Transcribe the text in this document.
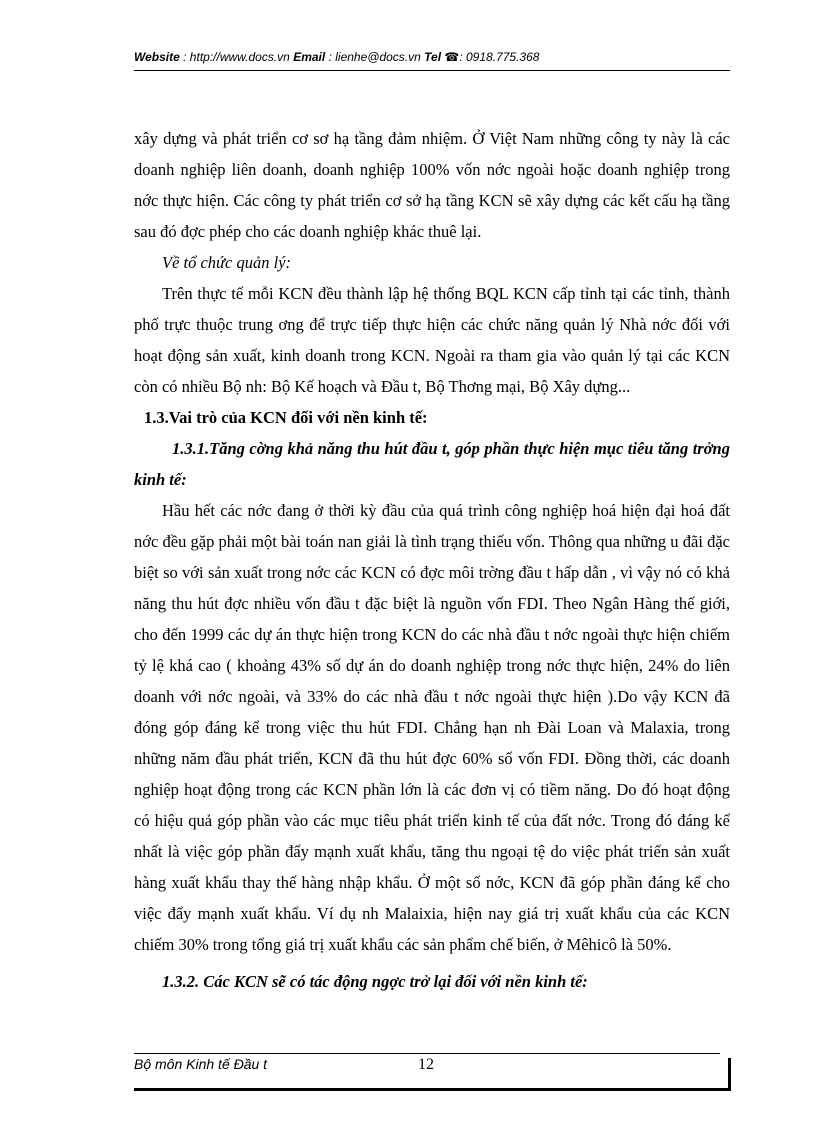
Website : http://www.docs.vn Email : lienhe@docs.vn Tel ☎: 0918.775.368

xây dựng và phát triển cơ sơ hạ tầng đảm nhiệm. Ở Việt Nam những công ty này là các doanh nghiệp liên doanh, doanh nghiệp 100% vốn nớc ngoài hoặc doanh nghiệp trong nớc thực hiện. Các công ty phát triển cơ sở hạ tầng KCN sẽ xây dựng các kết cấu hạ tầng sau đó đợc phép cho các doanh nghiệp khác thuê lại.

Về tổ chức quản lý:

Trên thực tế mỗi KCN đều thành lập hệ thống BQL KCN cấp tỉnh tại các tỉnh, thành phố trực thuộc trung ơng để trực tiếp thực hiện các chức năng quản lý Nhà nớc đối với hoạt động sản xuất, kinh doanh trong KCN. Ngoài ra tham gia vào quản lý tại các KCN còn có nhiều Bộ nh: Bộ Kế hoạch và Đầu t, Bộ Thơng mại, Bộ Xây dựng...

1.3.Vai trò của KCN đối với nền kinh tế:

1.3.1.Tăng cờng khả năng thu hút đầu t, góp phần thực hiện mục tiêu tăng trởng kinh tế:

Hầu hết các nớc đang ở thời kỳ đầu của quá trình công nghiệp hoá hiện đại hoá đất nớc đều gặp phải một bài toán nan giải là tình trạng thiếu vốn. Thông qua những u đãi đặc biệt so với sản xuất trong nớc các KCN có đợc môi trờng đầu t hấp dẫn , vì vậy nó có khả năng thu hút đợc nhiều vốn đầu t đặc biệt là nguồn vốn FDI. Theo Ngân Hàng thế giới, cho đến 1999 các dự án thực hiện trong KCN do các nhà đầu t nớc ngoài thực hiện chiếm tỷ lệ khá cao ( khoảng 43% số dự án do doanh nghiệp trong nớc thực hiện, 24% do liên doanh với nớc ngoài, và 33% do các nhà đầu t nớc ngoài thực hiện ).Do vậy KCN đã đóng góp đáng kể trong việc thu hút FDI. Chẳng hạn nh Đài Loan và Malaxia, trong những năm đầu phát triển, KCN đã thu hút đợc 60% số vốn FDI. Đồng thời, các doanh nghiệp hoạt động trong các KCN phần lớn là các đơn vị có tiềm năng. Do đó hoạt động có hiệu quả góp phần vào các mục tiêu phát triển kinh tế của đất nớc. Trong đó đáng kể nhất là việc góp phần đẩy mạnh xuất khẩu, tăng thu ngoại tệ do việc phát triển sản xuất hàng xuất khẩu thay thế hàng nhập khẩu. Ở một số nớc, KCN đã góp phần đáng kể cho việc đẩy mạnh xuất khẩu. Ví dụ nh Malaixia, hiện nay giá trị xuất khẩu của các KCN chiếm 30% trong tổng giá trị xuất khẩu các sản phẩm chế biến, ở Mêhicô là 50%.

1.3.2. Các KCN sẽ có tác động ngợc trở lại đối với nền kinh tế:

Bộ môn Kinh tế Đầu t	12
